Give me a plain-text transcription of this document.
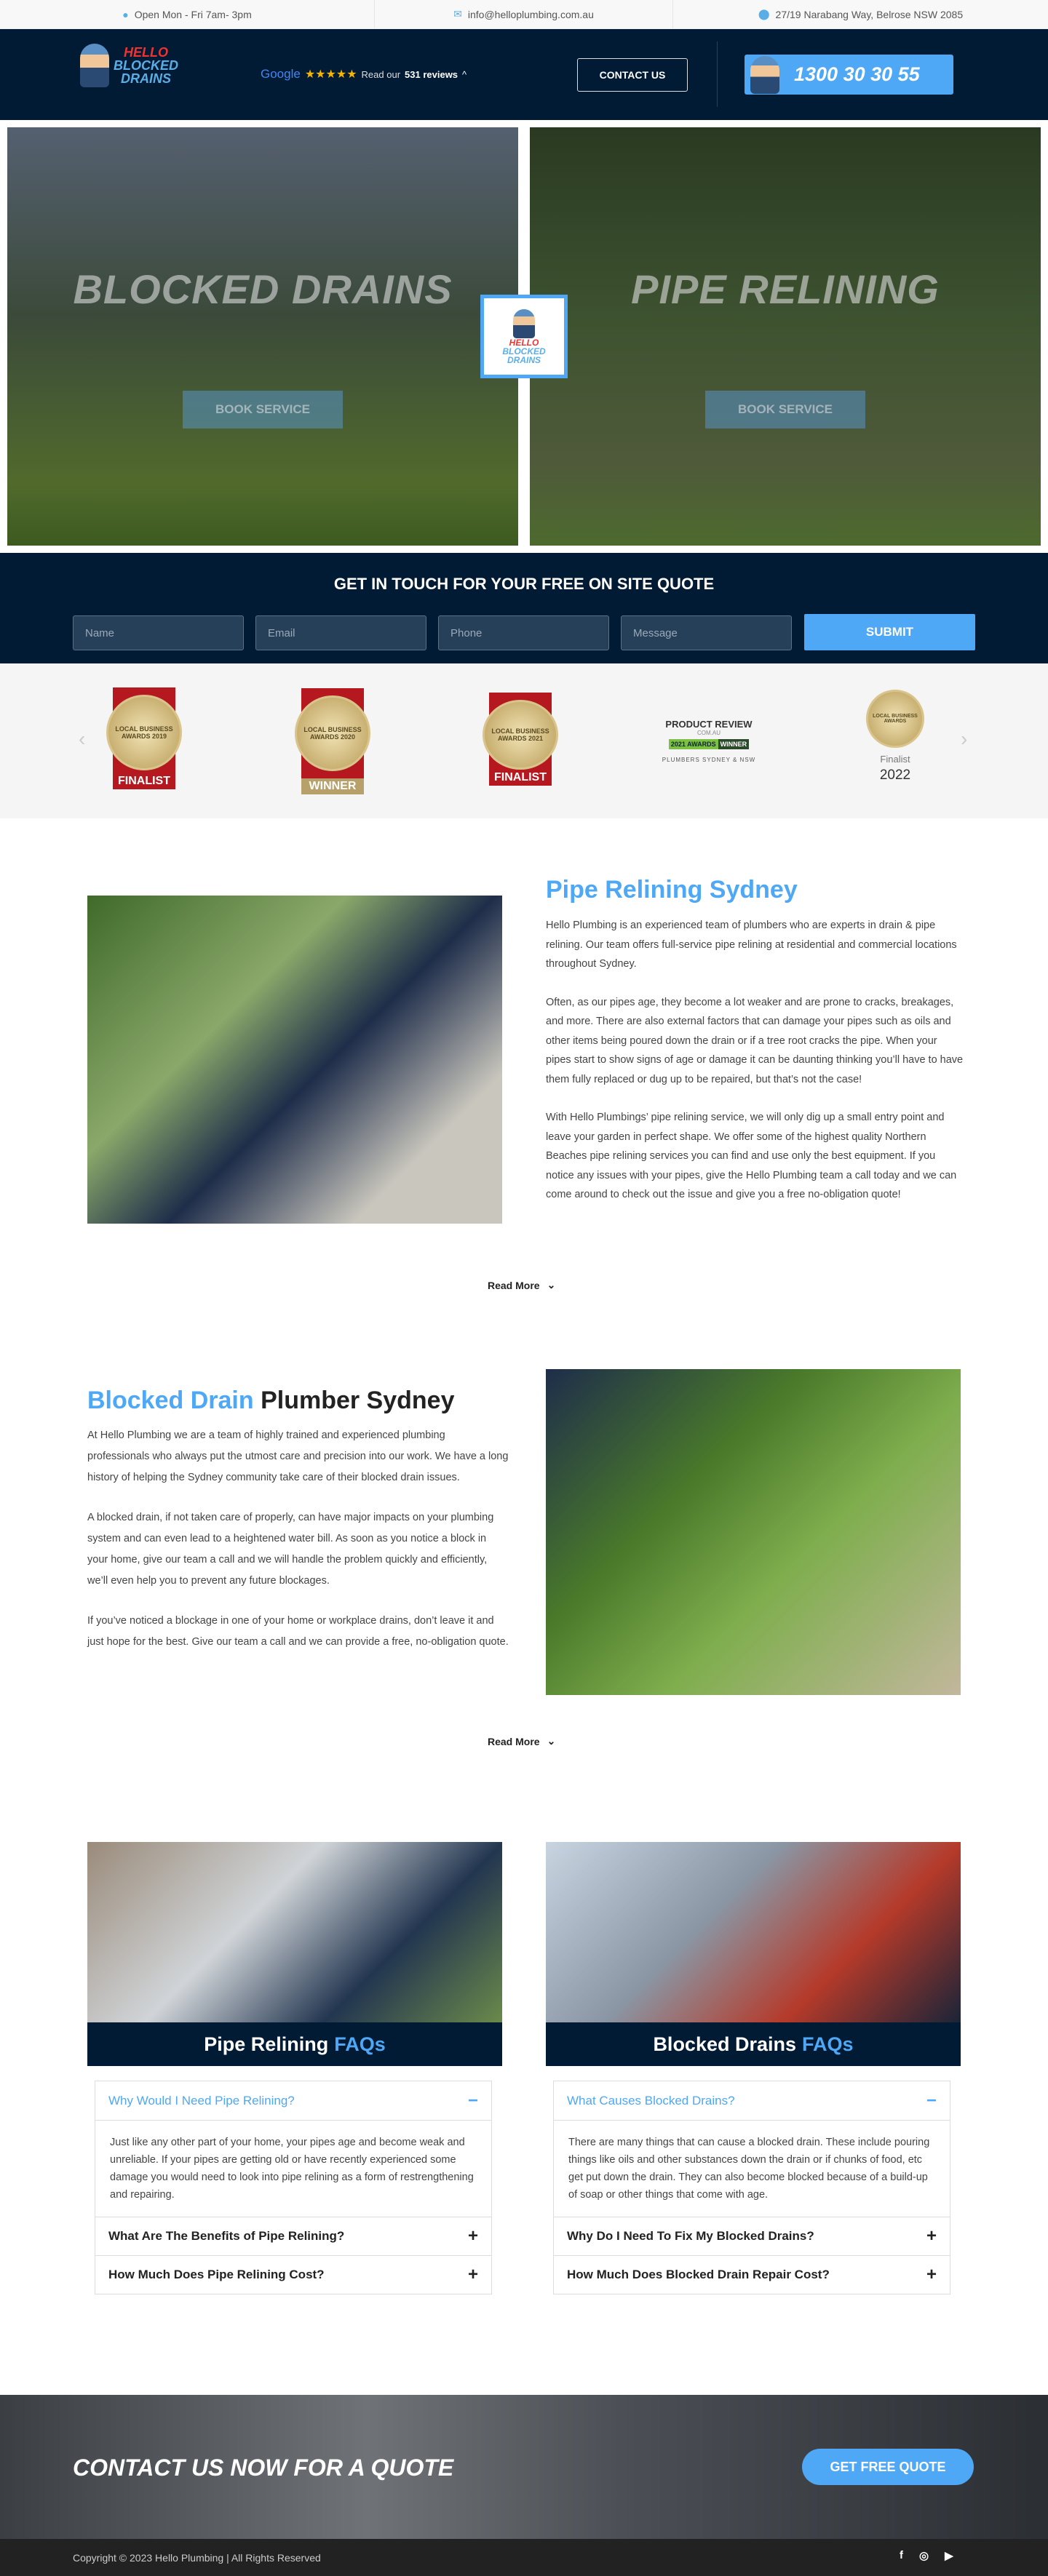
● Open Mon - Fri 7am- 3pm	✉ info@helloplumbing.com.au	⬤ 27/19 Narabang Way, Belrose NSW 2085
HELLO
BLOCKED
DRAINS	Google ★★★★★ Read our 531 reviews ^	CONTACT US	1300 30 30 55
BLOCKED DRAINS
BOOK SERVICE
PIPE RELINING
BOOK SERVICE
HELLO
BLOCKED
DRAINS
GET IN TOUCH FOR YOUR FREE ON SITE QUOTE
Name	Email	Phone	Message	SUBMIT
‹	›
LOCAL BUSINESS AWARDS 2019
FINALIST
LOCAL BUSINESS AWARDS 2020
WINNER
LOCAL BUSINESS AWARDS 2021
FINALIST
PRODUCT REVIEW
COM.AU
2021 AWARDS WINNER
PLUMBERS SYDNEY & NSW
LOCAL BUSINESS AWARDS
Finalist
2022
Pipe Relining Sydney

Hello Plumbing is an experienced team of plumbers who are experts in drain & pipe relining. Our team offers full-service pipe relining at residential and commercial locations throughout Sydney.

Often, as our pipes age, they become a lot weaker and are prone to cracks, breakages, and more. There are also external factors that can damage your pipes such as oils and other items being poured down the drain or if a tree root cracks the pipe. When your pipes start to show signs of age or damage it can be daunting thinking you’ll have to have them fully replaced or dug up to be repaired, but that’s not the case!

With Hello Plumbings’ pipe relining service, we will only dig up a small entry point and leave your garden in perfect shape. We offer some of the highest quality Northern Beaches pipe relining services you can find and use only the best equipment. If you notice any issues with your pipes, give the Hello Plumbing team a call today and we can come around to check out the issue and give you a free no-obligation quote!

Read More ⌄
Blocked Drain Plumber Sydney

At Hello Plumbing we are a team of highly trained and experienced plumbing professionals who always put the utmost care and precision into our work. We have a long history of helping the Sydney community take care of their blocked drain issues.

A blocked drain, if not taken care of properly, can have major impacts on your plumbing system and can even lead to a heightened water bill. As soon as you notice a block in your home, give our team a call and we will handle the problem quickly and efficiently, we’ll even help you to prevent any future blockages.

If you’ve noticed a blockage in one of your home or workplace drains, don’t leave it and just hope for the best. Give our team a call and we can provide a free, no-obligation quote.

Read More ⌄
Pipe Relining FAQs
Why Would I Need Pipe Relining?	−
Just like any other part of your home, your pipes age and become weak and unreliable. If your pipes are getting old or have recently experienced some damage you would need to look into pipe relining as a form of restrengthening and repairing.
What Are The Benefits of Pipe Relining?	+
How Much Does Pipe Relining Cost?	+
Blocked Drains FAQs
What Causes Blocked Drains?	−
There are many things that can cause a blocked drain. These include pouring things like oils and other substances down the drain or if chunks of food, etc get put down the drain. They can also become blocked because of a build-up of soap or other things that come with age.
Why Do I Need To Fix My Blocked Drains?	+
How Much Does Blocked Drain Repair Cost?	+
CONTACT US NOW FOR A QUOTE	GET FREE QUOTE
Copyright © 2023 Hello Plumbing | All Rights Reserved	f ◎ ▶
